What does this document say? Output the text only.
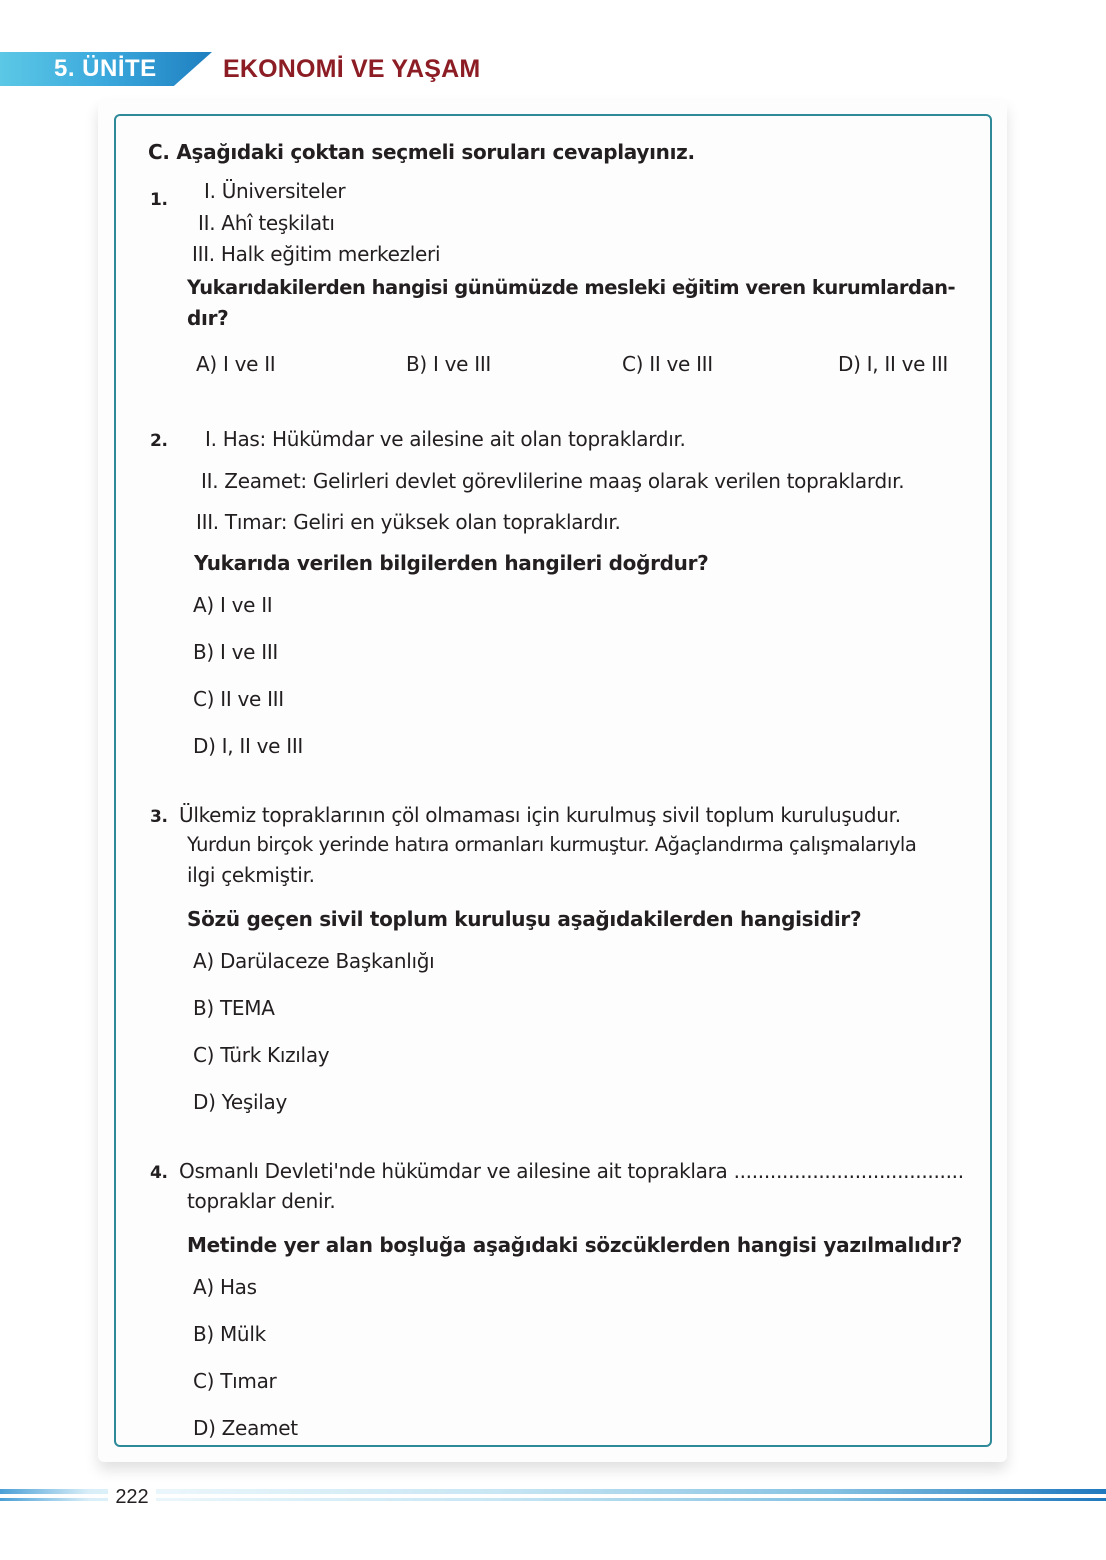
5. ÜNİTE	EKONOMİ VE YAŞAM
C. Aşağıdaki çoktan seçmeli soruları cevaplayınız.
1. I. Üniversiteler
II. Ahî teşkilatı
III. Halk eğitim merkezleri
Yukarıdakilerden hangisi günümüzde mesleki eğitim veren kurumlardan-
dır?
A) I ve II	B) I ve III	C) II ve III	D) I, II ve III
2. I. Has: Hükümdar ve ailesine ait olan topraklardır.
II. Zeamet: Gelirleri devlet görevlilerine maaş olarak verilen topraklardır.
III. Tımar: Geliri en yüksek olan topraklardır.
Yukarıda verilen bilgilerden hangileri doğrdur?
A) I ve II
B) I ve III
C) II ve III
D) I, II ve III
3. Ülkemiz topraklarının çöl olmaması için kurulmuş sivil toplum kuruluşudur.
Yurdun birçok yerinde hatıra ormanları kurmuştur. Ağaçlandırma çalışmalarıyla
ilgi çekmiştir.
Sözü geçen sivil toplum kuruluşu aşağıdakilerden hangisidir?
A) Darülaceze Başkanlığı
B) TEMA
C) Türk Kızılay
D) Yeşilay
4. Osmanlı Devleti'nde hükümdar ve ailesine ait topraklara ......................................
topraklar denir.
Metinde yer alan boşluğa aşağıdaki sözcüklerden hangisi yazılmalıdır?
A) Has
B) Mülk
C) Tımar
D) Zeamet
222
